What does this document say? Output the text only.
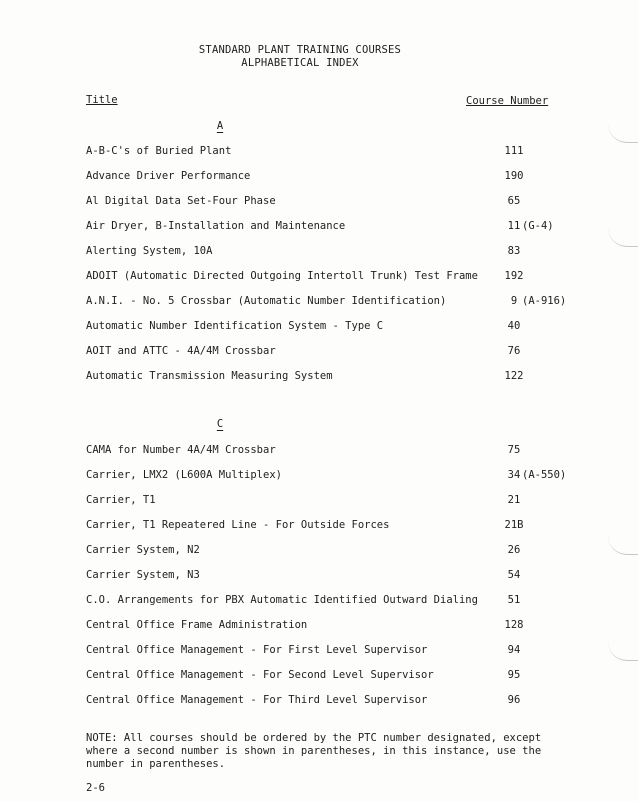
STANDARD PLANT TRAINING COURSES
ALPHABETICAL INDEX
Title	Course Number
A
A-B-C's of Buried Plant	111
Advance Driver Performance	190
Al Digital Data Set-Four Phase	65
Air Dryer, B-Installation and Maintenance	11 (G-4)
Alerting System, 10A	83
ADOIT (Automatic Directed Outgoing Intertoll Trunk) Test Frame	192
A.N.I. - No. 5 Crossbar (Automatic Number Identification)	9 (A-916)
Automatic Number Identification System - Type C	40
AOIT and ATTC - 4A/4M Crossbar	76
Automatic Transmission Measuring System	122
C
CAMA for Number 4A/4M Crossbar	75
Carrier, LMX2 (L600A Multiplex)	34 (A-550)
Carrier, T1	21
Carrier, T1 Repeatered Line - For Outside Forces	21B
Carrier System, N2	26
Carrier System, N3	54
C.O. Arrangements for PBX Automatic Identified Outward Dialing	51
Central Office Frame Administration	128
Central Office Management - For First Level Supervisor	94
Central Office Management - For Second Level Supervisor	95
Central Office Management - For Third Level Supervisor	96
NOTE: All courses should be ordered by the PTC number designated, except where a second number is shown in parentheses, in this instance, use the number in parentheses.
2-6
